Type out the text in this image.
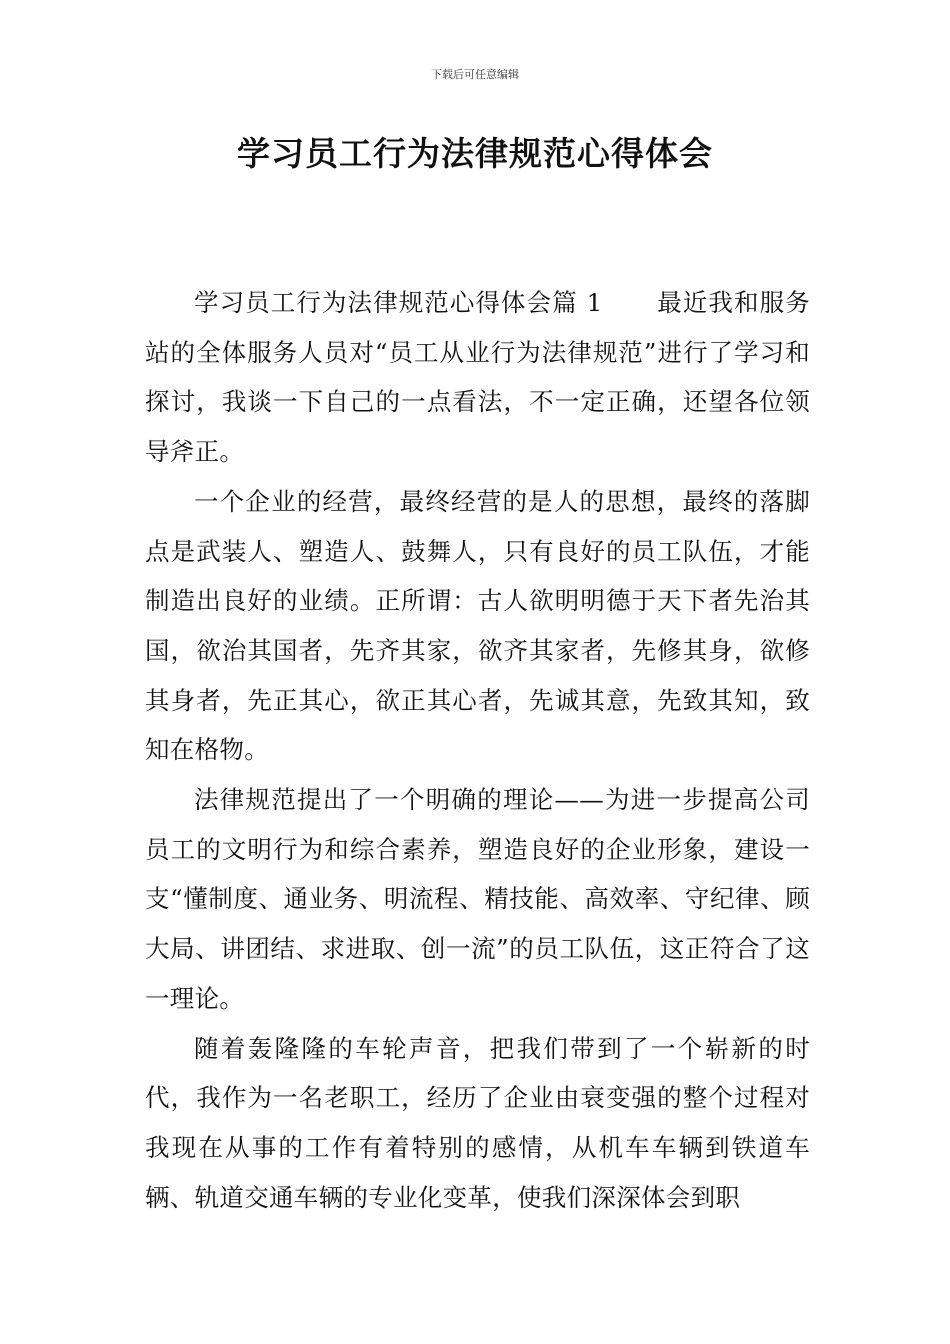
下载后可任意编辑
学习员工行为法律规范心得体会

学习员工行为法律规范心得体会篇 1 最近我和服务站的全体服务人员对“员工从业行为法律规范”进行了学习和探讨，我谈一下自己的一点看法，不一定正确，还望各位领导斧正。

一个企业的经营，最终经营的是人的思想，最终的落脚点是武装人、塑造人、鼓舞人，只有良好的员工队伍，才能制造出良好的业绩。正所谓：古人欲明明德于天下者先治其国，欲治其国者，先齐其家，欲齐其家者，先修其身，欲修其身者，先正其心，欲正其心者，先诚其意，先致其知，致知在格物。

法律规范提出了一个明确的理论——为进一步提高公司员工的文明行为和综合素养，塑造良好的企业形象，建设一支“懂制度、通业务、明流程、精技能、高效率、守纪律、顾大局、讲团结、求进取、创一流”的员工队伍，这正符合了这一理论。

随着轰隆隆的车轮声音，把我们带到了一个崭新的时代，我作为一名老职工，经历了企业由衰变强的整个过程对我现在从事的工作有着特别的感情，从机车车辆到铁道车辆、轨道交通车辆的专业化变革，使我们深深体会到职
